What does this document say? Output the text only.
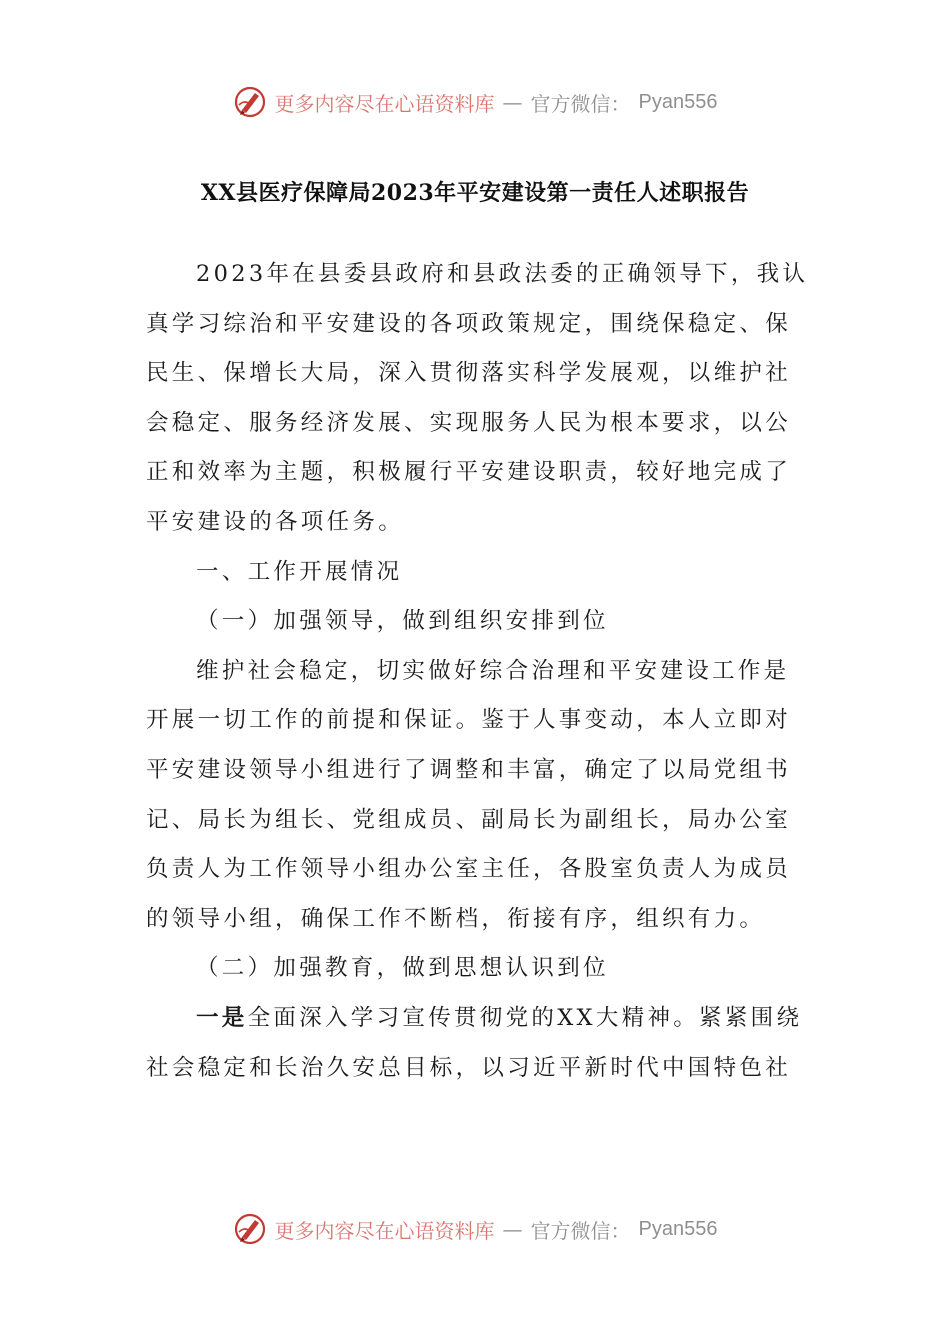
更多内容尽在心语资料库 — 官方微信： Pyan556
XX县医疗保障局2023年平安建设第一责任人述职报告
2023年在县委县政府和县政法委的正确领导下，我认
真学习综治和平安建设的各项政策规定，围绕保稳定、保
民生、保增长大局，深入贯彻落实科学发展观，以维护社
会稳定、服务经济发展、实现服务人民为根本要求，以公
正和效率为主题，积极履行平安建设职责，较好地完成了
平安建设的各项任务。
一、工作开展情况
（一）加强领导，做到组织安排到位
维护社会稳定，切实做好综合治理和平安建设工作是
开展一切工作的前提和保证。鉴于人事变动，本人立即对
平安建设领导小组进行了调整和丰富，确定了以局党组书
记、局长为组长、党组成员、副局长为副组长，局办公室
负责人为工作领导小组办公室主任，各股室负责人为成员
的领导小组，确保工作不断档，衔接有序，组织有力。
（二）加强教育，做到思想认识到位
一是全面深入学习宣传贯彻党的XX大精神。紧紧围绕
社会稳定和长治久安总目标，以习近平新时代中国特色社
更多内容尽在心语资料库 — 官方微信： Pyan556
